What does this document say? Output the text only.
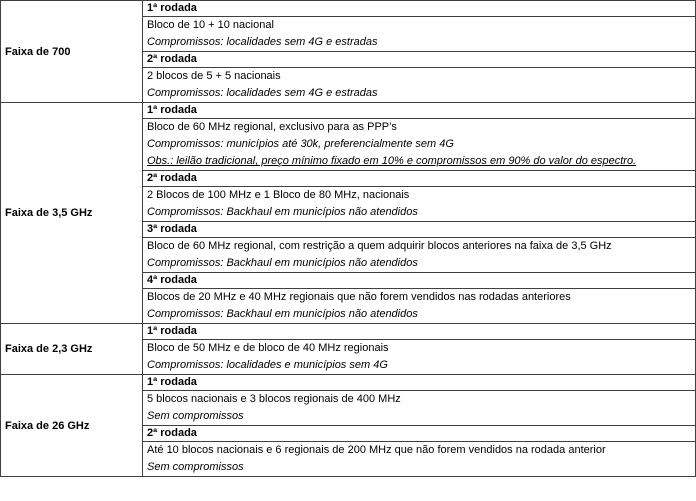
Faixa de 700	1ª rodada

	Bloco de 10 + 10 nacional
Compromissos: localidades sem 4G e estradas

	2ª rodada

	2 blocos de 5 + 5 nacionais
Compromissos: localidades sem 4G e estradas

Faixa de 3,5 GHz	1ª rodada

	Bloco de 60 MHz regional, exclusivo para as PPP’s
Compromissos: municípios até 30k, preferencialmente sem 4G
Obs.: leilão tradicional, preço mínimo fixado em 10% e compromissos em 90% do valor do espectro.

	2ª rodada

	2 Blocos de 100 MHz e 1 Bloco de 80 MHz, nacionais
Compromissos: Backhaul em municípios não atendidos

	3ª rodada

	Bloco de 60 MHz regional, com restrição a quem adquirir blocos anteriores na faixa de 3,5 GHz
Compromissos: Backhaul em municípios não atendidos

	4ª rodada

	Blocos de 20 MHz e 40 MHz regionais que não forem vendidos nas rodadas anteriores
Compromissos: Backhaul em municípios não atendidos

Faixa de 2,3 GHz	1ª rodada

	Bloco de 50 MHz e de bloco de 40 MHz regionais
Compromissos: localidades e municípios sem 4G

Faixa de 26 GHz	1ª rodada

	5 blocos nacionais e 3 blocos regionais de 400 MHz
Sem compromissos

	2ª rodada

	Até 10 blocos nacionais e 6 regionais de 200 MHz que não forem vendidos na rodada anterior
Sem compromissos
